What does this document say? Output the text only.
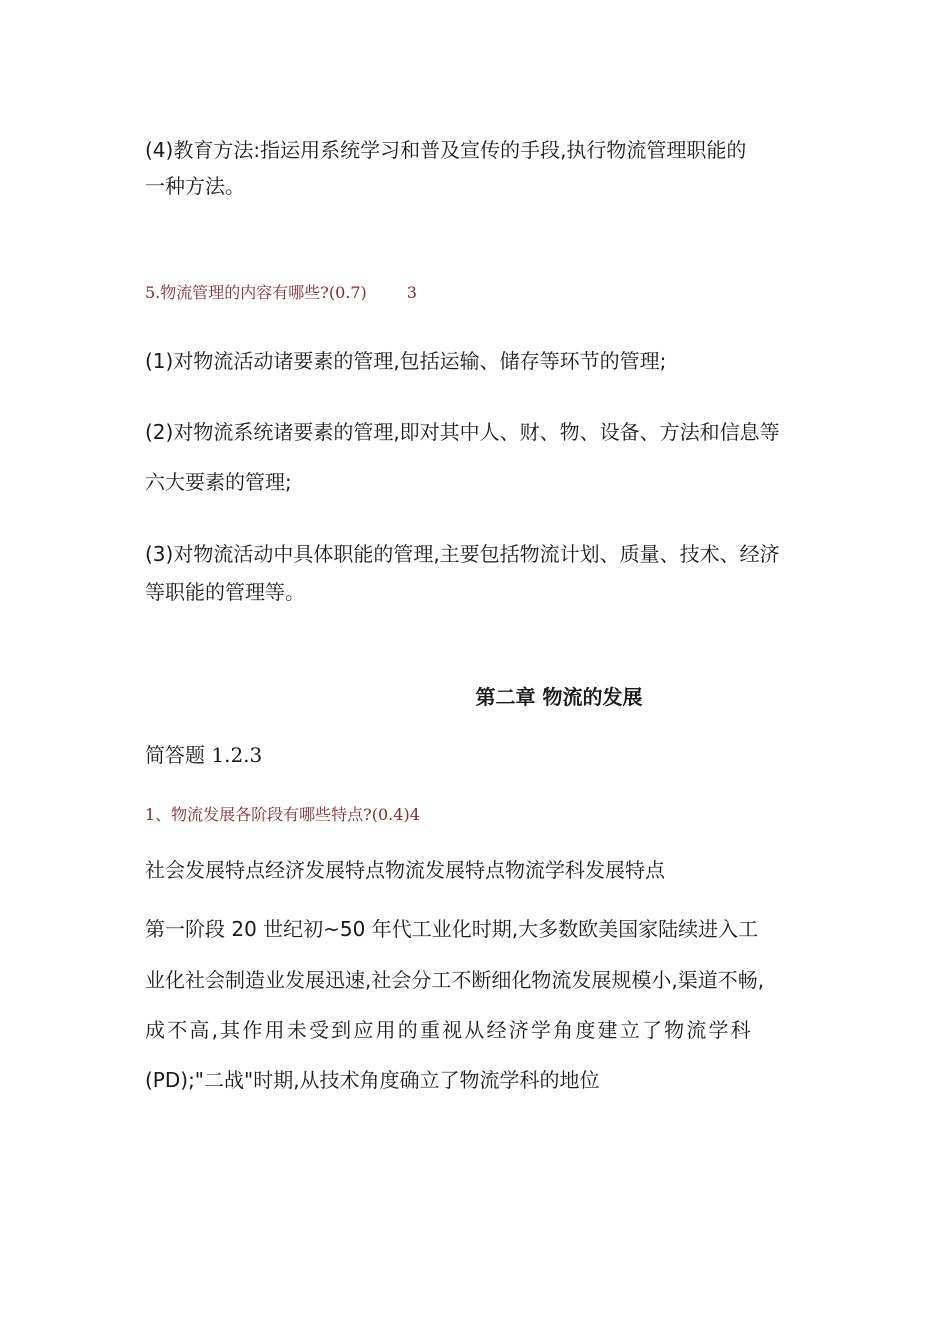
(4)教育方法:指运用系统学习和普及宣传的手段,执行物流管理职能的
一种方法。
5.物流管理的内容有哪些?(0.7)	3
(1)对物流活动诸要素的管理,包括运输、储存等环节的管理;
(2)对物流系统诸要素的管理,即对其中人、财、物、设备、方法和信息等
六大要素的管理;
(3)对物流活动中具体职能的管理,主要包括物流计划、质量、技术、经济
等职能的管理等。
第二章 物流的发展
简答题 1.2.3
1、物流发展各阶段有哪些特点?(0.4)4
社会发展特点经济发展特点物流发展特点物流学科发展特点
第一阶段 20 世纪初~50 年代工业化时期,大多数欧美国家陆续进入工
业化社会制造业发展迅速,社会分工不断细化物流发展规模小,渠道不畅,
成不高,其作用未受到应用的重视从经济学角度建立了物流学科
(PD);"二战"时期,从技术角度确立了物流学科的地位
